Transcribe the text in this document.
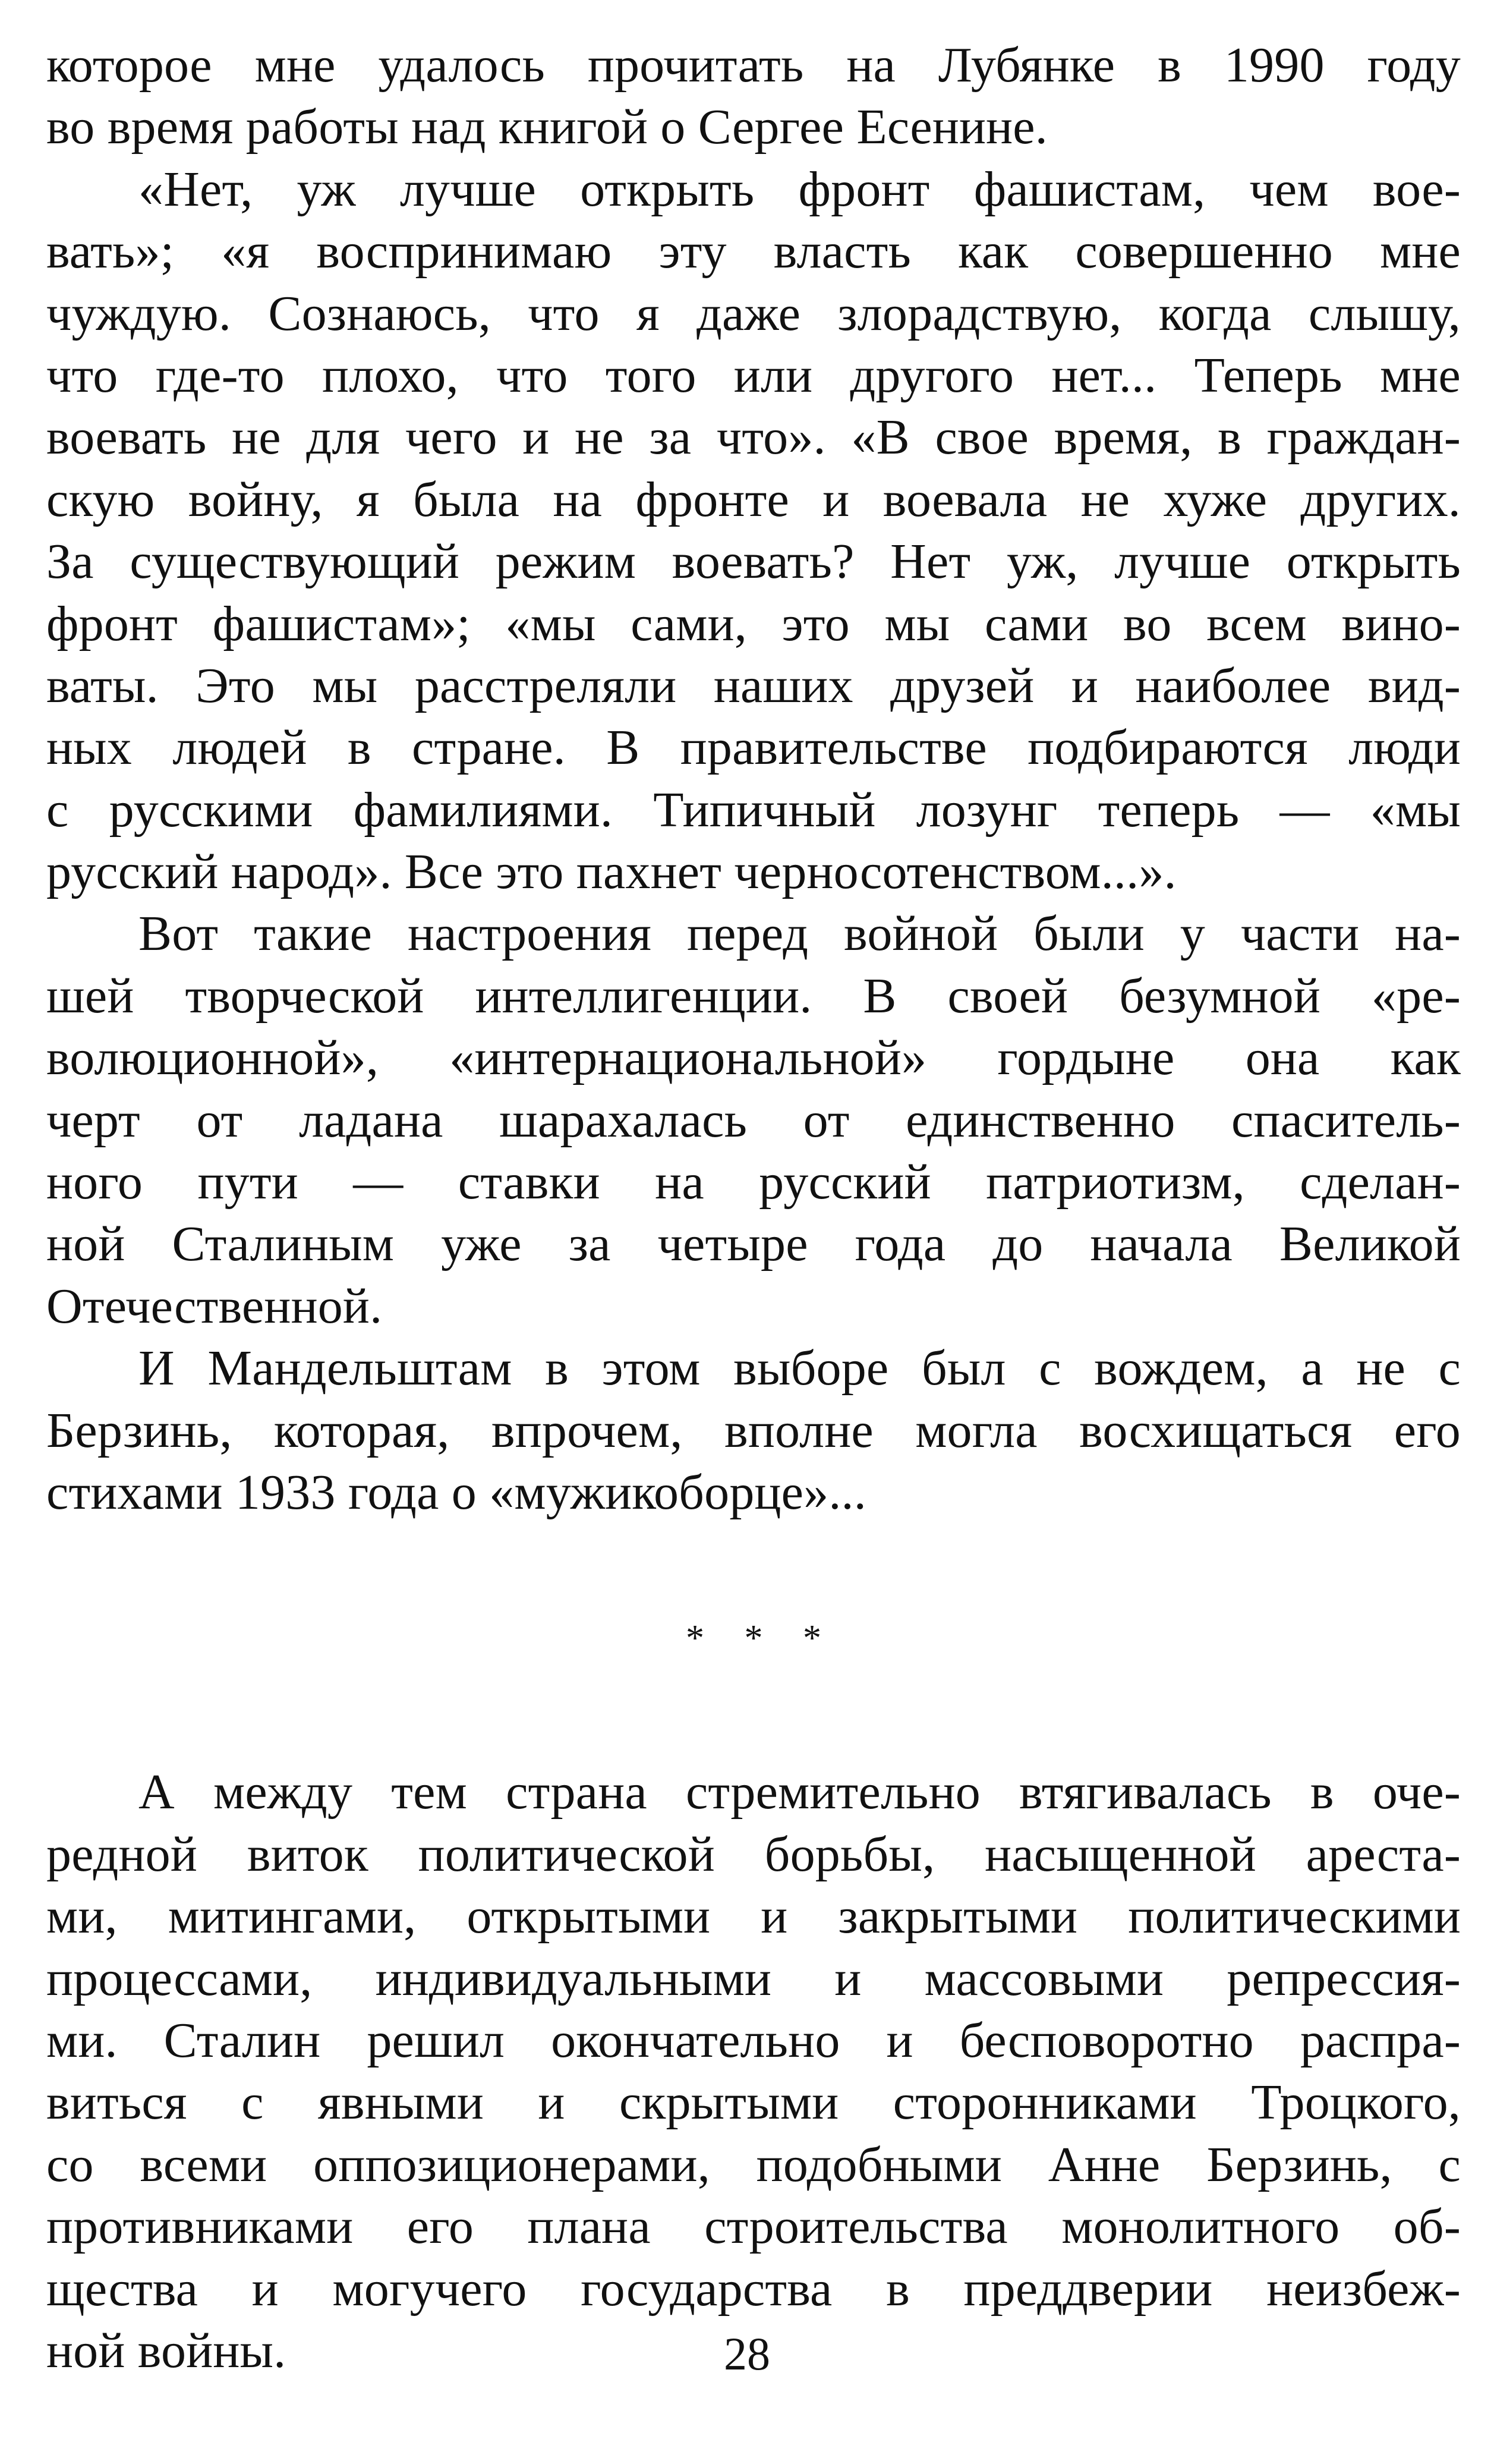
которое мне удалось прочитать на Лубянке в 1990 году
во время работы над книгой о Сергее Есенине.
«Нет, уж лучше открыть фронт фашистам, чем вое-
вать»; «я воспринимаю эту власть как совершенно мне
чуждую. Сознаюсь, что я даже злорадствую, когда слышу,
что где-то плохо, что того или другого нет... Теперь мне
воевать не для чего и не за что». «В свое время, в граждан-
скую войну, я была на фронте и воевала не хуже других.
За существующий режим воевать? Нет уж, лучше открыть
фронт фашистам»; «мы сами, это мы сами во всем вино-
ваты. Это мы расстреляли наших друзей и наиболее вид-
ных людей в стране. В правительстве подбираются люди
с русскими фамилиями. Типичный лозунг теперь — «мы
русский народ». Все это пахнет черносотенством...».
Вот такие настроения перед войной были у части на-
шей творческой интеллигенции. В своей безумной «ре-
волюционной», «интернациональной» гордыне она как
черт от ладана шарахалась от единственно спаситель-
ного пути — ставки на русский патриотизм, сделан-
ной Сталиным уже за четыре года до начала Великой
Отечественной.
И Мандельштам в этом выборе был с вождем, а не с
Берзинь, которая, впрочем, вполне могла восхищаться его
стихами 1933 года о «мужикоборце»...
* * *
А между тем страна стремительно втягивалась в оче-
редной виток политической борьбы, насыщенной ареста-
ми, митингами, открытыми и закрытыми политическими
процессами, индивидуальными и массовыми репрессия-
ми. Сталин решил окончательно и бесповоротно распра-
виться с явными и скрытыми сторонниками Троцкого,
со всеми оппозиционерами, подобными Анне Берзинь, с
противниками его плана строительства монолитного об-
щества и могучего государства в преддверии неизбеж-
ной войны.	28
